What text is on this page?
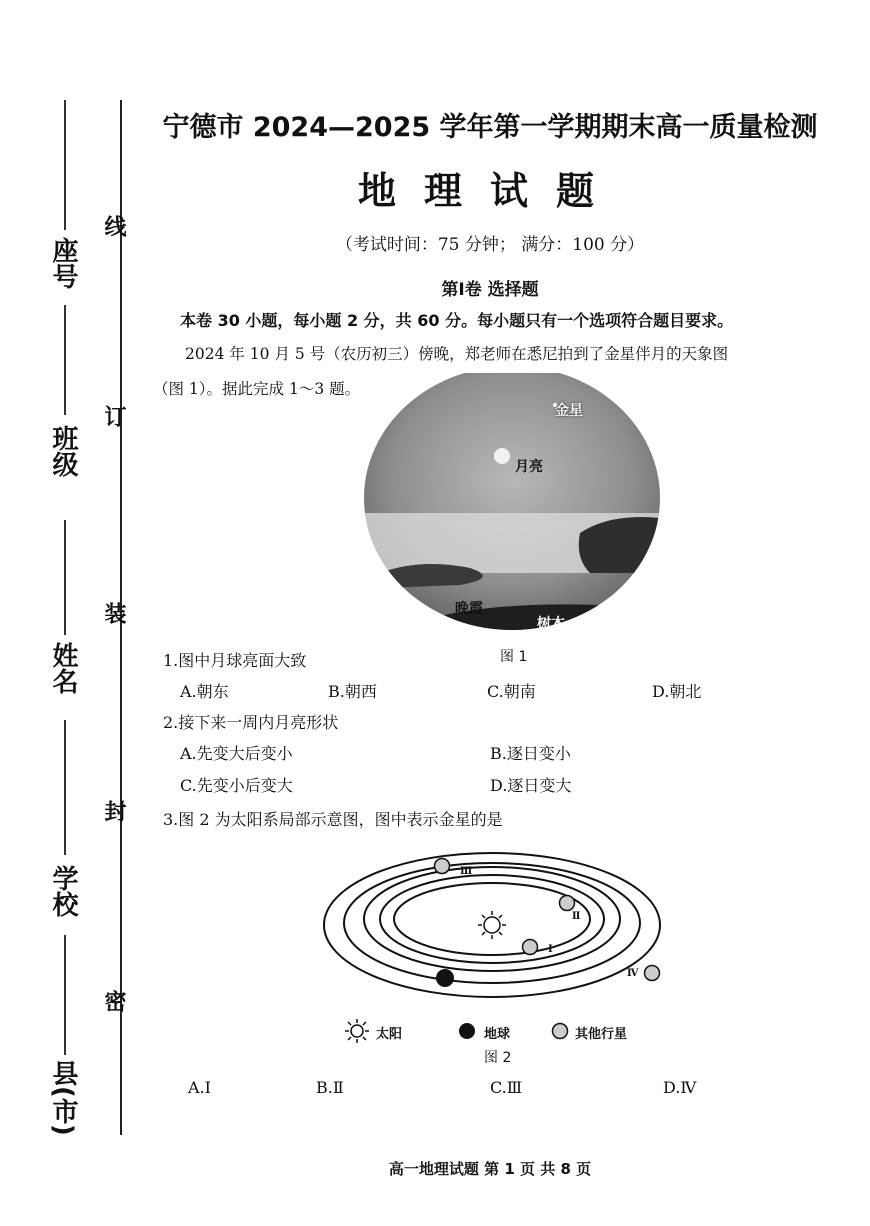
座号
班级
姓名
学校
县(市)
线
订
装
封
密
宁德市 2024—2025 学年第一学期期末高一质量检测
地理试题
（考试时间：75 分钟； 满分：100 分）
第Ⅰ卷 选择题
本卷 30 小题，每小题 2 分，共 60 分。每小题只有一个选项符合题目要求。
2024 年 10 月 5 号（农历初三）傍晚，郑老师在悉尼拍到了金星伴月的天象图
（图 1）。据此完成 1～3 题。
金星
月亮
晚霞
树木
图 1
1.图中月球亮面大致
A.朝东	B.朝西	C.朝南	D.朝北
2.接下来一周内月亮形状
A.先变大后变小	B.逐日变小
C.先变小后变大	D.逐日变大
3.图 2 为太阳系局部示意图，图中表示金星的是
Ⅰ
Ⅱ
Ⅲ
Ⅳ
太阳	地球	其他行星
图 2
A.Ⅰ	B.Ⅱ	C.Ⅲ	D.Ⅳ
高一地理试题 第 1 页 共 8 页
